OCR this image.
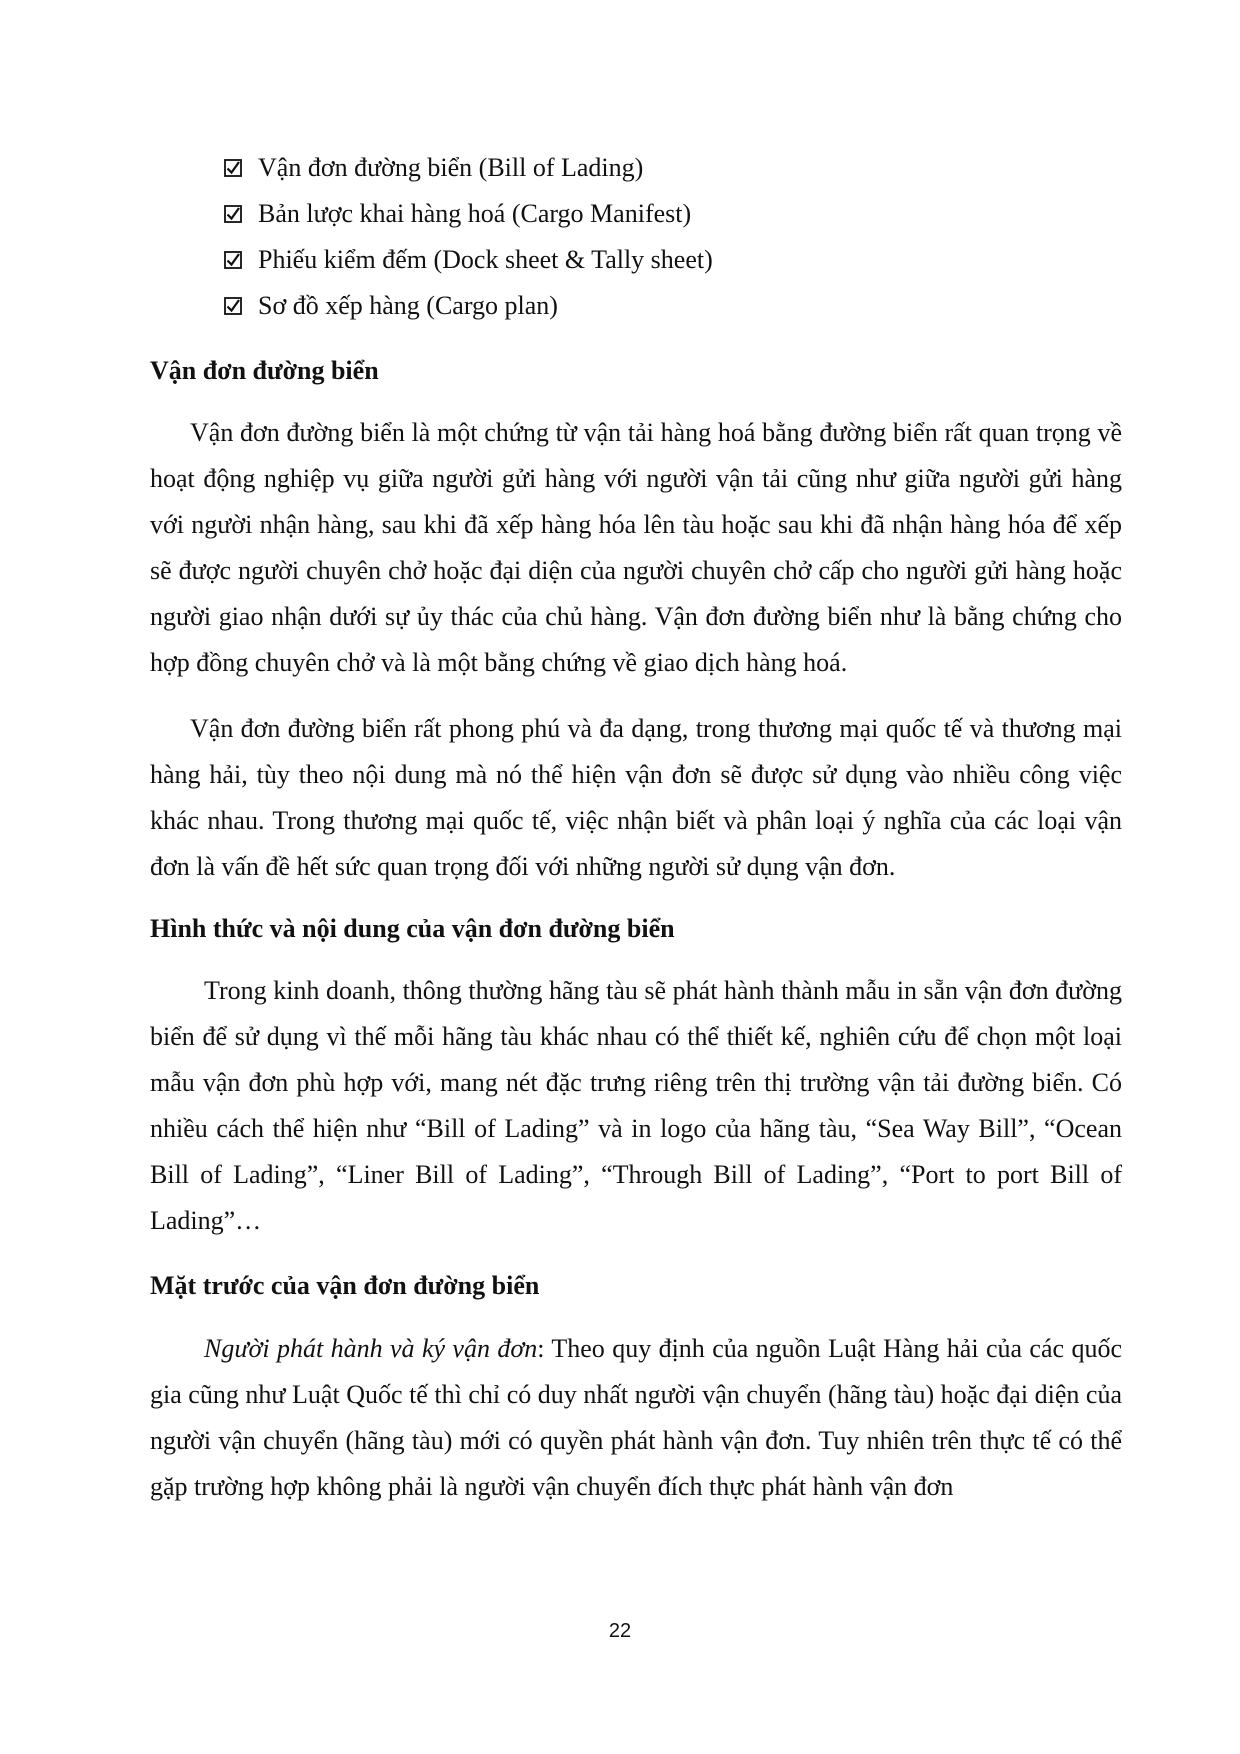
Vận đơn đường biển (Bill of Lading)
Bản lược khai hàng hoá (Cargo Manifest)
Phiếu kiểm đếm (Dock sheet & Tally sheet)
Sơ đồ xếp hàng (Cargo plan)
Vận đơn đường biển

Vận đơn đường biển là một chứng từ vận tải hàng hoá bằng đường biển rất quan trọng về hoạt động nghiệp vụ giữa người gửi hàng với người vận tải cũng như giữa người gửi hàng với người nhận hàng, sau khi đã xếp hàng hóa lên tàu hoặc sau khi đã nhận hàng hóa để xếp sẽ được người chuyên chở hoặc đại diện của người chuyên chở cấp cho người gửi hàng hoặc người giao nhận dưới sự ủy thác của chủ hàng. Vận đơn đường biển như là bằng chứng cho hợp đồng chuyên chở và là một bằng chứng về giao dịch hàng hoá.

Vận đơn đường biển rất phong phú và đa dạng, trong thương mại quốc tế và thương mại hàng hải, tùy theo nội dung mà nó thể hiện vận đơn sẽ được sử dụng vào nhiều công việc khác nhau. Trong thương mại quốc tế, việc nhận biết và phân loại ý nghĩa của các loại vận đơn là vấn đề hết sức quan trọng đối với những người sử dụng vận đơn.

Hình thức và nội dung của vận đơn đường biển

Trong kinh doanh, thông thường hãng tàu sẽ phát hành thành mẫu in sẵn vận đơn đường biển để sử dụng vì thế mỗi hãng tàu khác nhau có thể thiết kế, nghiên cứu để chọn một loại mẫu vận đơn phù hợp với, mang nét đặc trưng riêng trên thị trường vận tải đường biển. Có nhiều cách thể hiện như “Bill of Lading” và in logo của hãng tàu, “Sea Way Bill”, “Ocean Bill of Lading”, “Liner Bill of Lading”, “Through Bill of Lading”, “Port to port Bill of Lading”…

Mặt trước của vận đơn đường biển

Người phát hành và ký vận đơn: Theo quy định của nguồn Luật Hàng hải của các quốc gia cũng như Luật Quốc tế thì chỉ có duy nhất người vận chuyển (hãng tàu) hoặc đại diện của người vận chuyển (hãng tàu) mới có quyền phát hành vận đơn. Tuy nhiên trên thực tế có thể gặp trường hợp không phải là người vận chuyển đích thực phát hành vận đơn

22
